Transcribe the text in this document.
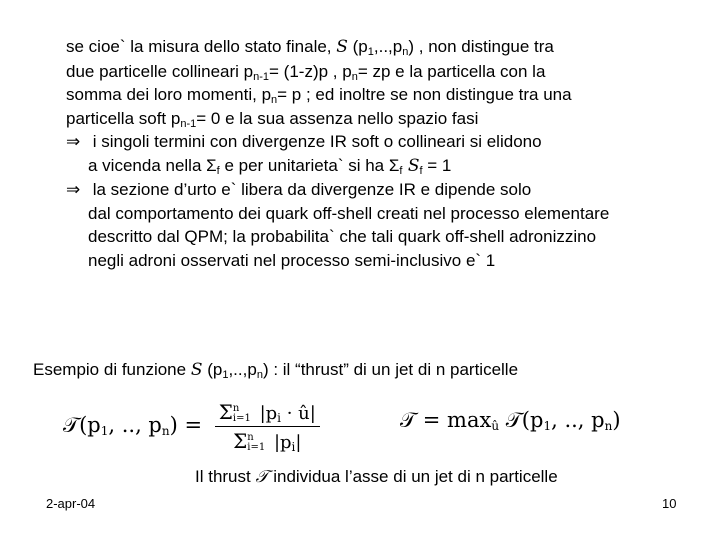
se cioe` la misura dello stato finale, S $(p_1,..,p_n)$ , non distingue tra
due particelle collineari $p_{n-1}= (1-z)p$ , $p_n=$ zp e la particella con la
somma dei loro momenti, $p_n= p$ ; ed inoltre se non distingue tra una
particella soft $p_{n-1}= 0$ e la sua assenza nello spazio fasi
⇒ i singoli termini con divergenze IR soft o collineari si elidono
a vicenda nella $\Sigma_f$ e per unitarieta` si ha $\Sigma_f$ $S_f = 1$
⇒ la sezione d’urto e` libera da divergenze IR e dipende solo
dal comportamento dei quark off-shell creati nel processo elementare
descritto dal QPM; la probabilita` che tali quark off-shell adronizzino
negli adroni osservati nel processo semi-inclusivo e` 1
Esempio di funzione S $(p_1,..,p_n)$ : il “thrust” di un jet di n particelle
$𝒯(p_1$, .., $p_n$) =
Σn
i=1 $|p_i$ · û|
Σn
i=1 $|p_i|$
𝒯 = $\max_û$ $𝒯(p_1$, .., $p_n$)
Il thrust 𝒯 individua l’asse di un jet di n particelle
2-apr-04	10
